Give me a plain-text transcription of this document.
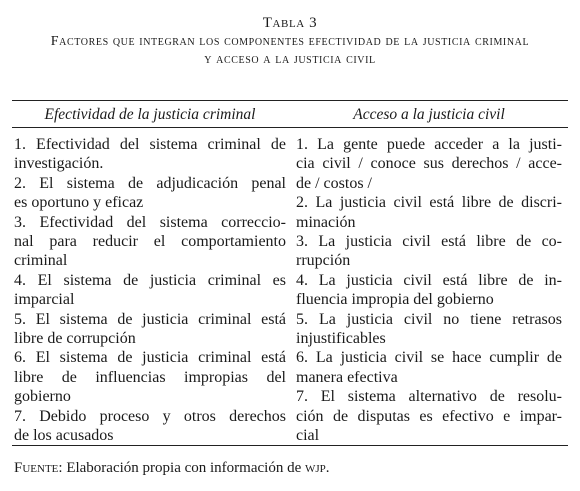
Tabla 3
Factores que integran los componentes efectividad de la justicia criminal
y acceso a la justicia civil
Efectividad de la justicia criminal	Acceso a la justicia civil
1. Efectividad del sistema criminal de
investigación.
2. El sistema de adjudicación penal
es oportuno y eficaz
3. Efectividad del sistema correccio-
nal para reducir el comportamiento
criminal
4. El sistema de justicia criminal es
imparcial
5. El sistema de justicia criminal está
libre de corrupción
6. El sistema de justicia criminal está
libre de influencias impropias del
gobierno
7. Debido proceso y otros derechos
de los acusados
1. La gente puede acceder a la justi-
cia civil / conoce sus derechos / acce-
de / costos /
2. La justicia civil está libre de discri-
minación
3. La justicia civil está libre de co-
rrupción
4. La justicia civil está libre de in-
fluencia impropia del gobierno
5. La justicia civil no tiene retrasos
injustificables
6. La justicia civil se hace cumplir de
manera efectiva
7. El sistema alternativo de resolu-
ción de disputas es efectivo e impar-
cial
Fuente: Elaboración propia con información de wjp.
